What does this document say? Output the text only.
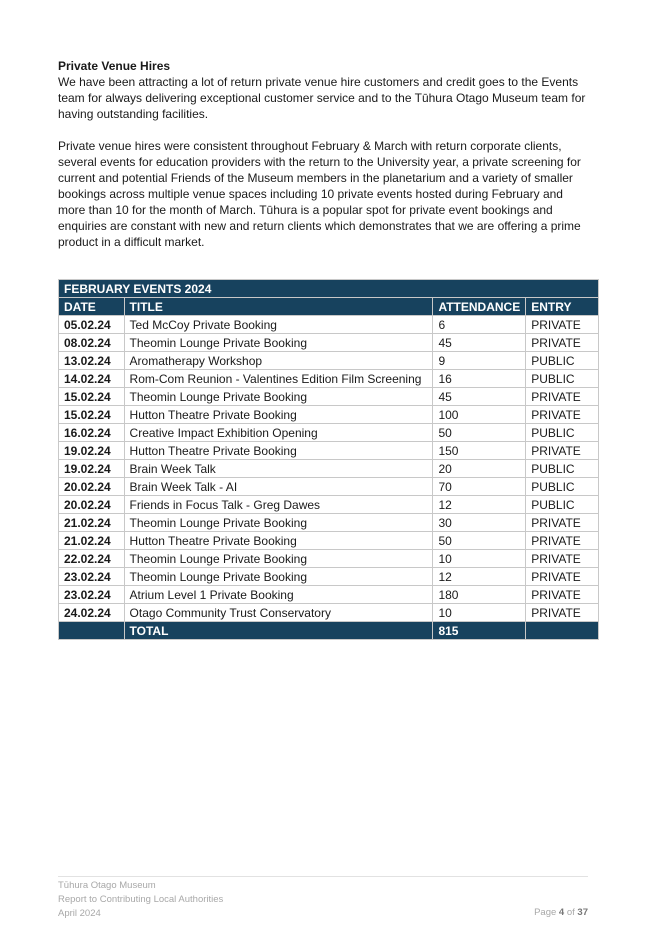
Private Venue Hires

We have been attracting a lot of return private venue hire customers and credit goes to the Events team for always delivering exceptional customer service and to the Tūhura Otago Museum team for having outstanding facilities.

Private venue hires were consistent throughout February & March with return corporate clients, several events for education providers with the return to the University year, a private screening for current and potential Friends of the Museum members in the planetarium and a variety of smaller bookings across multiple venue spaces including 10 private events hosted during February and more than 10 for the month of March. Tūhura is a popular spot for private event bookings and enquiries are constant with new and return clients which demonstrates that we are offering a prime product in a difficult market.

FEBRUARY EVENTS 2024			
DATE	TITLE	ATTENDANCE	ENTRY
05.02.24	Ted McCoy Private Booking	6	PRIVATE
08.02.24	Theomin Lounge Private Booking	45	PRIVATE
13.02.24	Aromatherapy Workshop	9	PUBLIC
14.02.24	Rom-Com Reunion - Valentines Edition Film Screening	16	PUBLIC
15.02.24	Theomin Lounge Private Booking	45	PRIVATE
15.02.24	Hutton Theatre Private Booking	100	PRIVATE
16.02.24	Creative Impact Exhibition Opening	50	PUBLIC
19.02.24	Hutton Theatre Private Booking	150	PRIVATE
19.02.24	Brain Week Talk	20	PUBLIC
20.02.24	Brain Week Talk - AI	70	PUBLIC
20.02.24	Friends in Focus Talk - Greg Dawes	12	PUBLIC
21.02.24	Theomin Lounge Private Booking	30	PRIVATE
21.02.24	Hutton Theatre Private Booking	50	PRIVATE
22.02.24	Theomin Lounge Private Booking	10	PRIVATE
23.02.24	Theomin Lounge Private Booking	12	PRIVATE
23.02.24	Atrium Level 1 Private Booking	180	PRIVATE
24.02.24	Otago Community Trust Conservatory	10	PRIVATE
	TOTAL	815	
Tūhura Otago Museum
Report to Contributing Local Authorities
April 2024	Page 4 of 37
